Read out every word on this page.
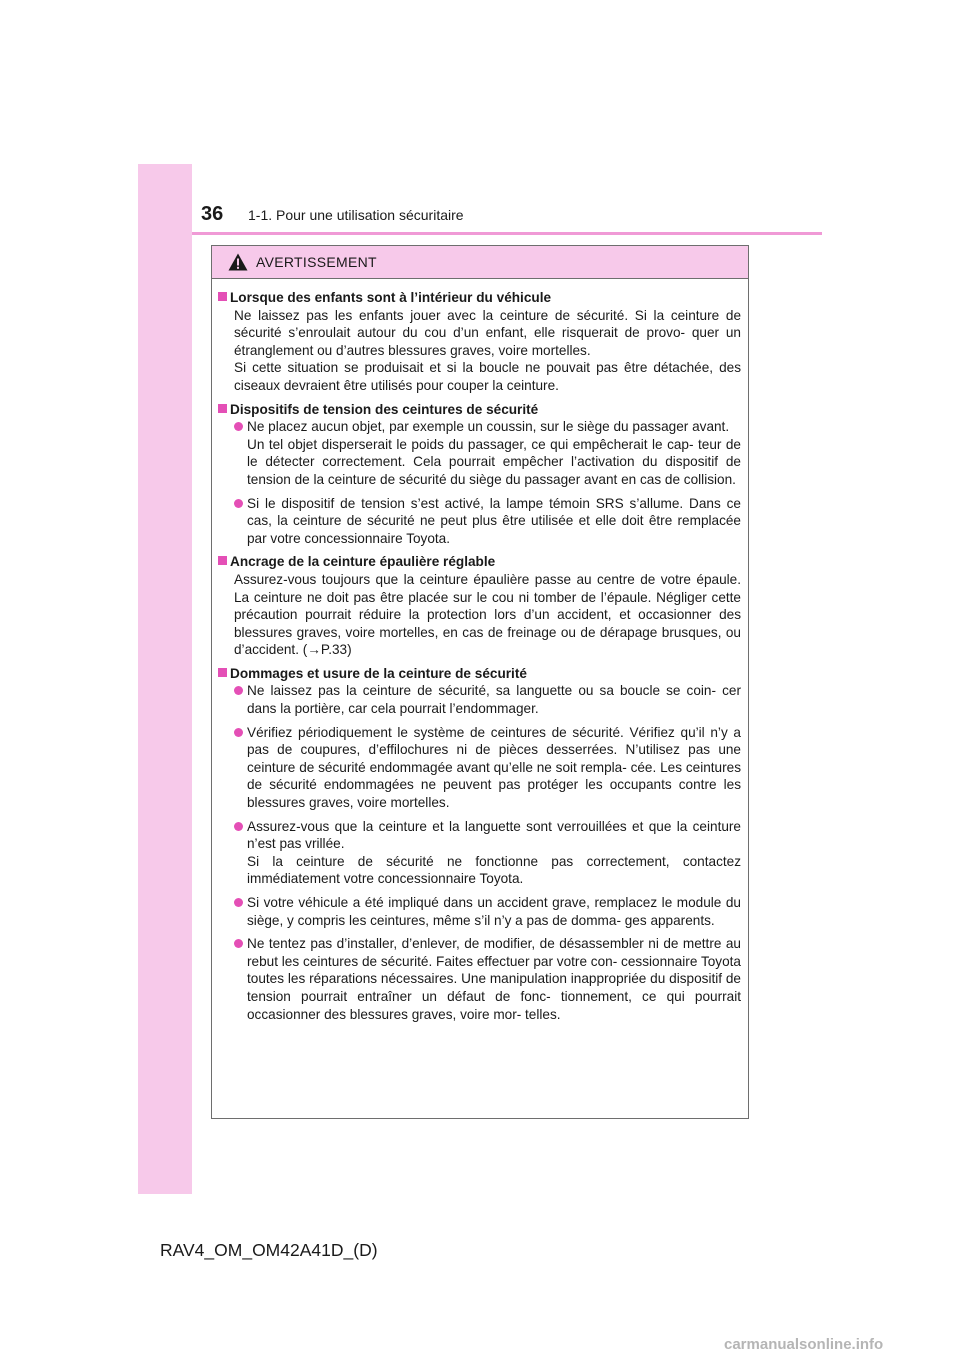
36 1-1. Pour une utilisation sécuritaire
AVERTISSEMENT
Lorsque des enfants sont à l’intérieur du véhicule
Ne laissez pas les enfants jouer avec la ceinture de sécurité. Si la ceinture de sécurité s’enroulait autour du cou d’un enfant, elle risquerait de provo- quer un étranglement ou d’autres blessures graves, voire mortelles.
Si cette situation se produisait et si la boucle ne pouvait pas être détachée, des ciseaux devraient être utilisés pour couper la ceinture.
Dispositifs de tension des ceintures de sécurité
Ne placez aucun objet, par exemple un coussin, sur le siège du passager avant.
Un tel objet disperserait le poids du passager, ce qui empêcherait le cap- teur de le détecter correctement. Cela pourrait empêcher l’activation du dispositif de tension de la ceinture de sécurité du siège du passager avant en cas de collision.
Si le dispositif de tension s’est activé, la lampe témoin SRS s’allume. Dans ce cas, la ceinture de sécurité ne peut plus être utilisée et elle doit être remplacée par votre concessionnaire Toyota.
Ancrage de la ceinture épaulière réglable
Assurez-vous toujours que la ceinture épaulière passe au centre de votre épaule. La ceinture ne doit pas être placée sur le cou ni tomber de l’épaule. Négliger cette précaution pourrait réduire la protection lors d’un accident, et occasionner des blessures graves, voire mortelles, en cas de freinage ou de dérapage brusques, ou d’accident. (→P.33)
Dommages et usure de la ceinture de sécurité
Ne laissez pas la ceinture de sécurité, sa languette ou sa boucle se coin- cer dans la portière, car cela pourrait l’endommager.
Vérifiez périodiquement le système de ceintures de sécurité. Vérifiez qu’il n’y a pas de coupures, d’effilochures ni de pièces desserrées. N’utilisez pas une ceinture de sécurité endommagée avant qu’elle ne soit rempla- cée. Les ceintures de sécurité endommagées ne peuvent pas protéger les occupants contre les blessures graves, voire mortelles.
Assurez-vous que la ceinture et la languette sont verrouillées et que la ceinture n’est pas vrillée.
Si la ceinture de sécurité ne fonctionne pas correctement, contactez immédiatement votre concessionnaire Toyota.
Si votre véhicule a été impliqué dans un accident grave, remplacez le module du siège, y compris les ceintures, même s’il n’y a pas de domma- ges apparents.
Ne tentez pas d’installer, d’enlever, de modifier, de désassembler ni de mettre au rebut les ceintures de sécurité. Faites effectuer par votre con- cessionnaire Toyota toutes les réparations nécessaires. Une manipulation inappropriée du dispositif de tension pourrait entraîner un défaut de fonc- tionnement, ce qui pourrait occasionner des blessures graves, voire mor- telles.
RAV4_OM_OM42A41D_(D)
carmanualsonline.info
